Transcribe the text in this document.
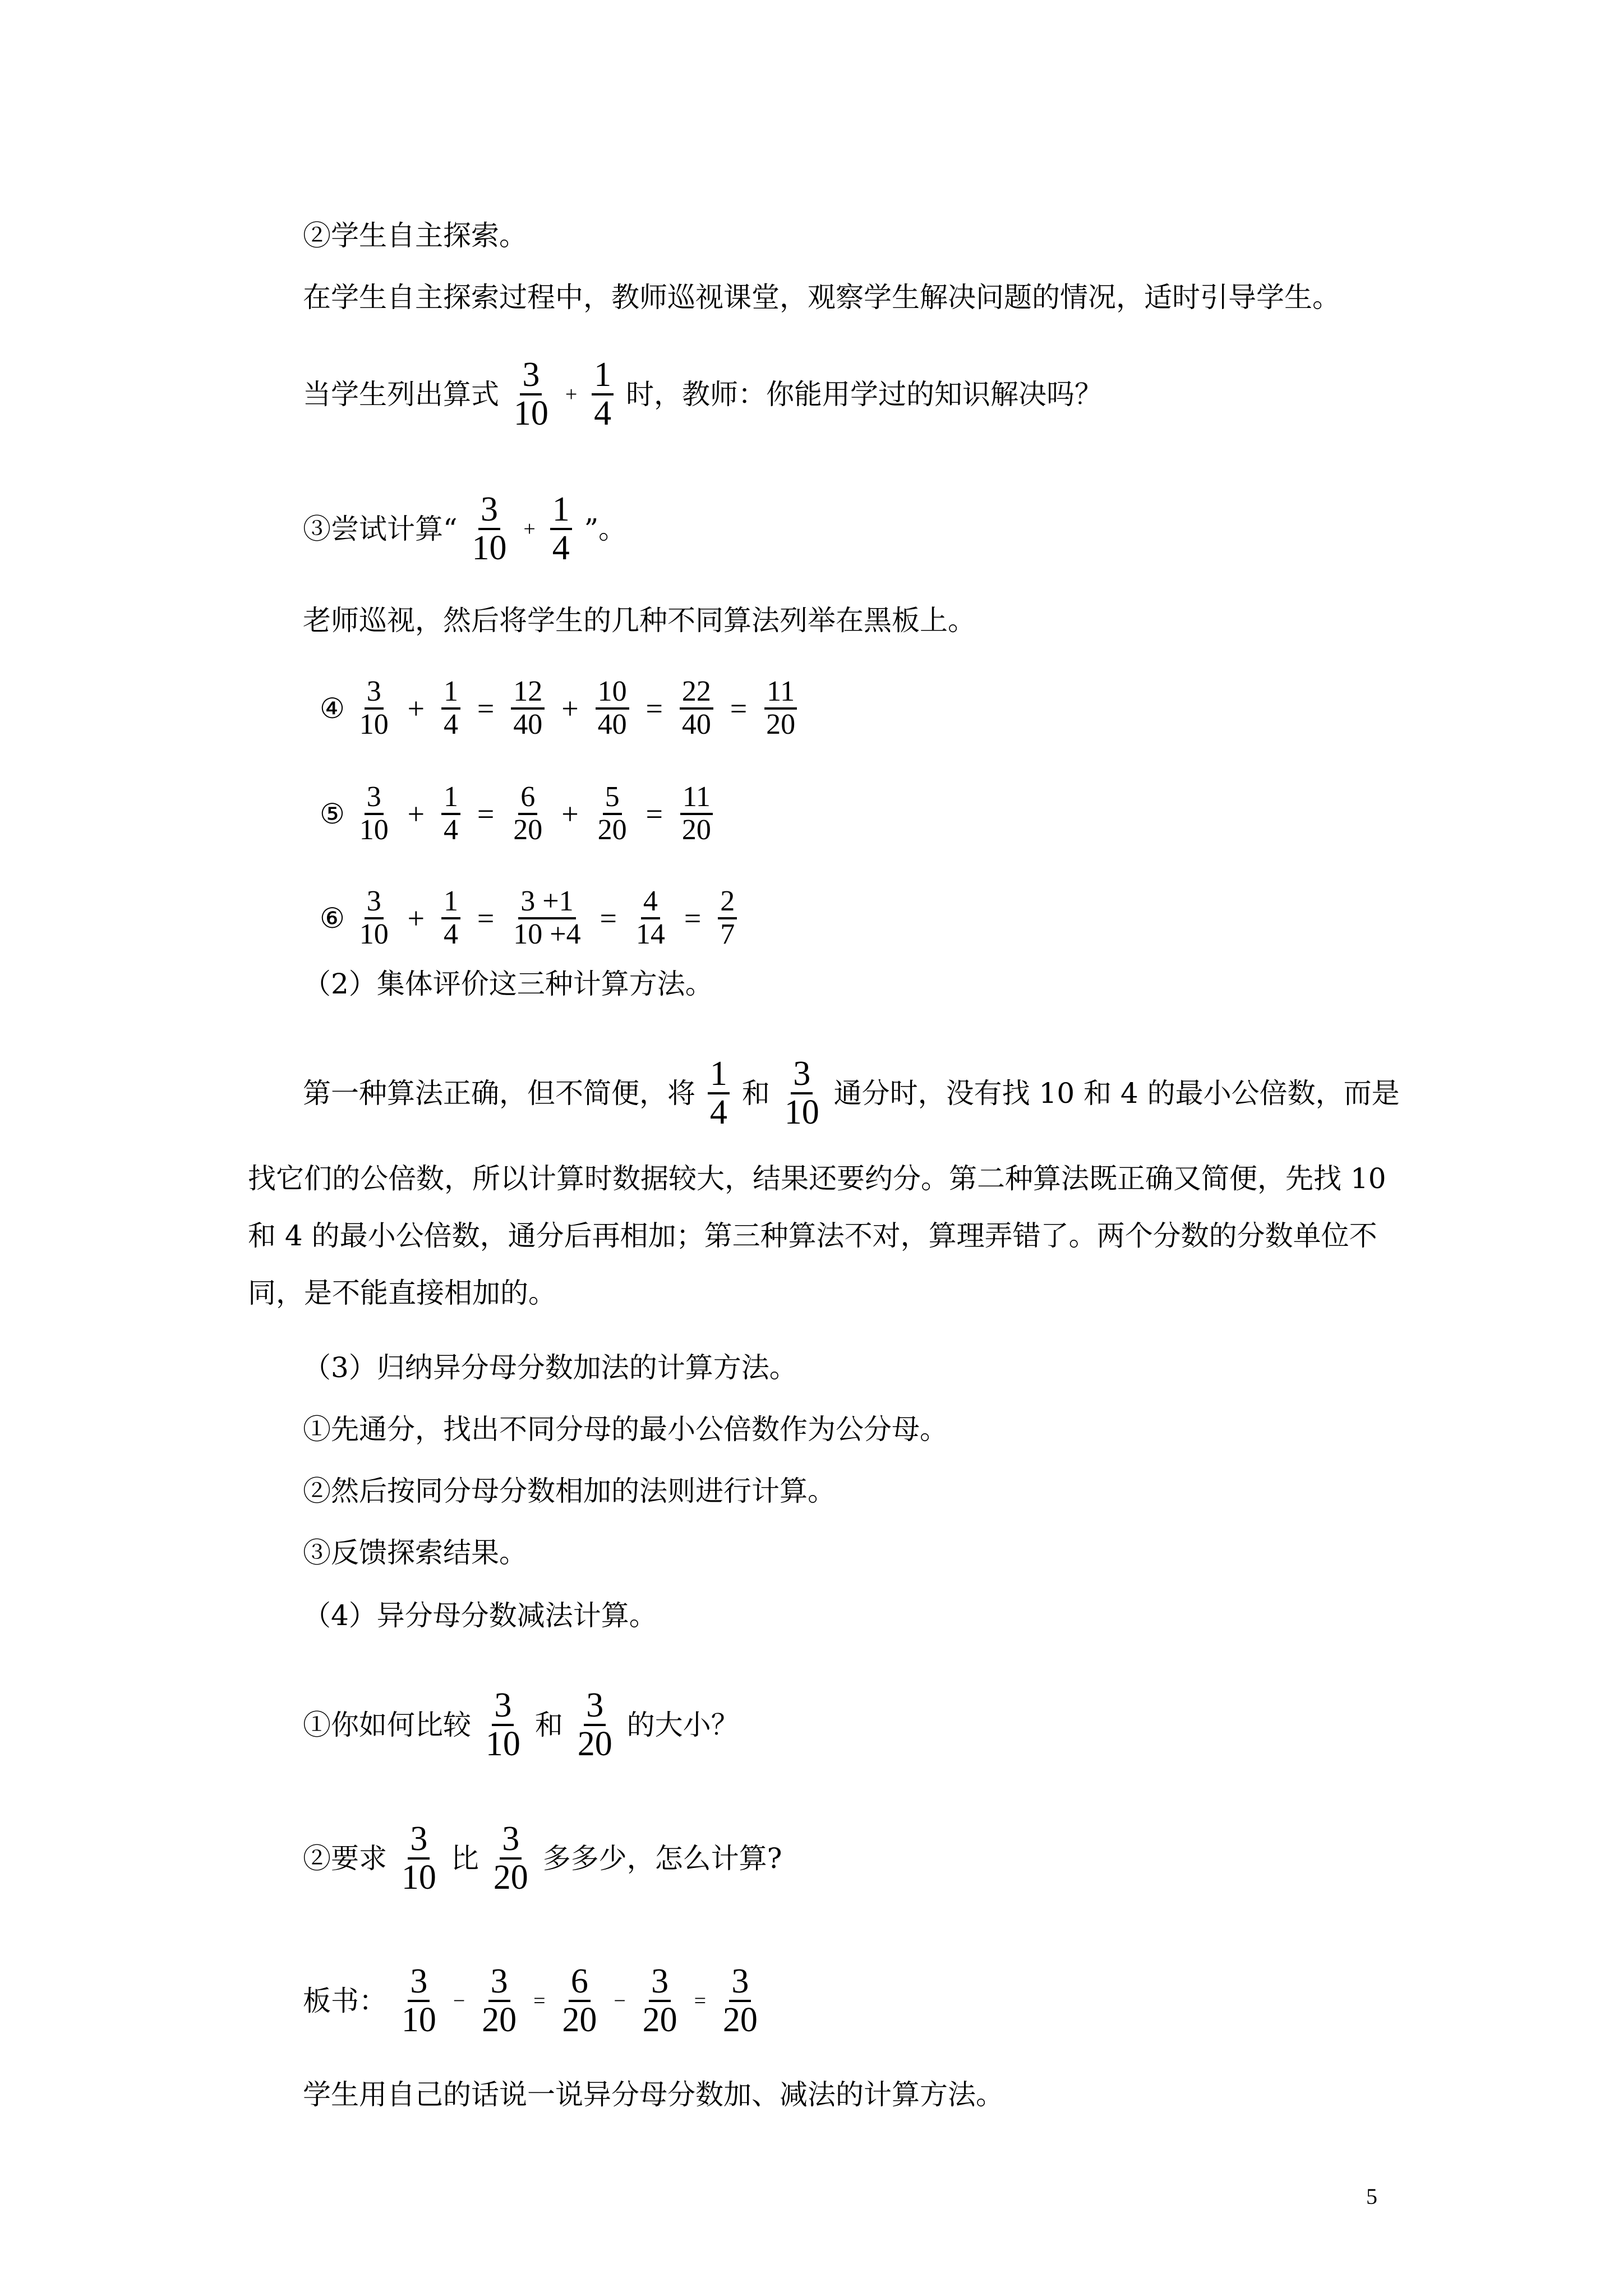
②学生自主探索。
在学生自主探索过程中，教师巡视课堂，观察学生解决问题的情况，适时引导学生。
当学生列出算式 $\frac{3}{10} + \frac{1}{4}$ 时，教师：你能用学过的知识解决吗？
③尝试计算“ $\frac{3}{10} + \frac{1}{4}$ ”。
老师巡视，然后将学生的几种不同算法列举在黑板上。
④ $\frac{3}{10} + \frac{1}{4} = \frac{12}{40} + \frac{10}{40} = \frac{22}{40} = \frac{11}{20}$
⑤ $\frac{3}{10} + \frac{1}{4} = \frac{6}{20} + \frac{5}{20} = \frac{11}{20}$
⑥ $\frac{3}{10} + \frac{1}{4} = \frac{3 +1}{10 +4} = \frac{4}{14} = \frac{2}{7}$
（2）集体评价这三种计算方法。
第一种算法正确，但不简便，将 $\frac{1}{4}$ 和 $\frac{3}{10}$ 通分时，没有找 10 和 4 的最小公倍数，而是
找它们的公倍数，所以计算时数据较大，结果还要约分。第二种算法既正确又简便，先找 10 和 4 的最小公倍数，通分后再相加；第三种算法不对，算理弄错了。两个分数的分数单位不同，是不能直接相加的。
（3）归纳异分母分数加法的计算方法。
①先通分，找出不同分母的最小公倍数作为公分母。
②然后按同分母分数相加的法则进行计算。
③反馈探索结果。
（4）异分母分数减法计算。
①你如何比较 $\frac{3}{10}$ 和 $\frac{3}{20}$ 的大小？
②要求 $\frac{3}{10}$ 比 $\frac{3}{20}$ 多多少，怎么计算?
板书： $\frac{3}{10} - \frac{3}{20} = \frac{6}{20} - \frac{3}{20} = \frac{3}{20}$
学生用自己的话说一说异分母分数加、减法的计算方法。
5
